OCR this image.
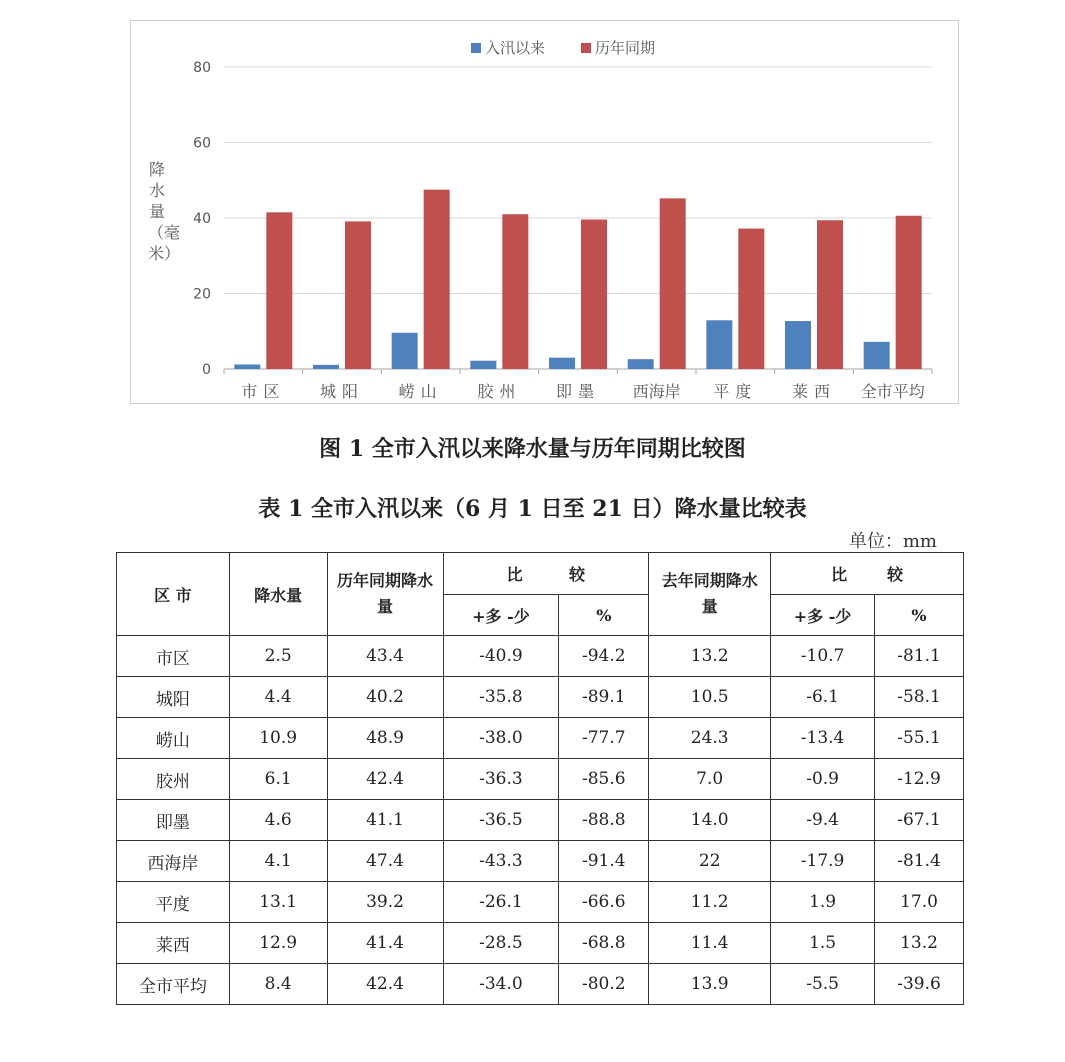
0
20
40
60
80
市区 城阳 崂山 胶州 即墨 西海岸 平度 莱西 全市平均
入汛以来	历年同期
降水量（毫米）
图 1 全市入汛以来降水量与历年同期比较图
表 1 全市入汛以来（6 月 1 日至 21 日）降水量比较表
单位：mm
区 市	降水量	历年同期降水量	比 较		去年同期降水量	比 较	

			+多 -少	%		+多 -少	%
市区	2.5	43.4	-40.9	-94.2	13.2	-10.7	-81.1
城阳	4.4	40.2	-35.8	-89.1	10.5	-6.1	-58.1
崂山	10.9	48.9	-38.0	-77.7	24.3	-13.4	-55.1
胶州	6.1	42.4	-36.3	-85.6	7.0	-0.9	-12.9
即墨	4.6	41.1	-36.5	-88.8	14.0	-9.4	-67.1
西海岸	4.1	47.4	-43.3	-91.4	22	-17.9	-81.4
平度	13.1	39.2	-26.1	-66.6	11.2	1.9	17.0
莱西	12.9	41.4	-28.5	-68.8	11.4	1.5	13.2
全市平均	8.4	42.4	-34.0	-80.2	13.9	-5.5	-39.6
